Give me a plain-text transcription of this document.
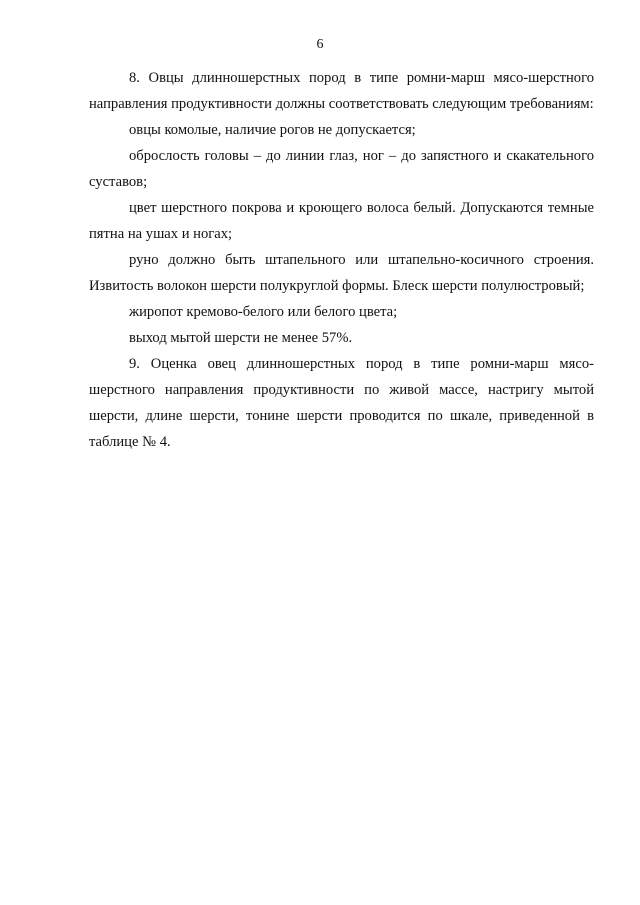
6

8. Овцы длинношерстных пород в типе ромни-марш мясо-шерстного направления продуктивности должны соответствовать следующим требованиям:

овцы комолые, наличие рогов не допускается;

оброслость головы – до линии глаз, ног – до запястного и скакательного суставов;

цвет шерстного покрова и кроющего волоса белый. Допускаются темные пятна на ушах и ногах;

руно должно быть штапельного или штапельно-косичного строения. Извитость волокон шерсти полукруглой формы. Блеск шерсти полулюстровый;

жиропот кремово-белого или белого цвета;

выход мытой шерсти не менее 57%.

9. Оценка овец длинношерстных пород в типе ромни-марш мясо-шерстного направления продуктивности по живой массе, настригу мытой шерсти, длине шерсти, тонине шерсти проводится по шкале, приведенной в таблице № 4.
